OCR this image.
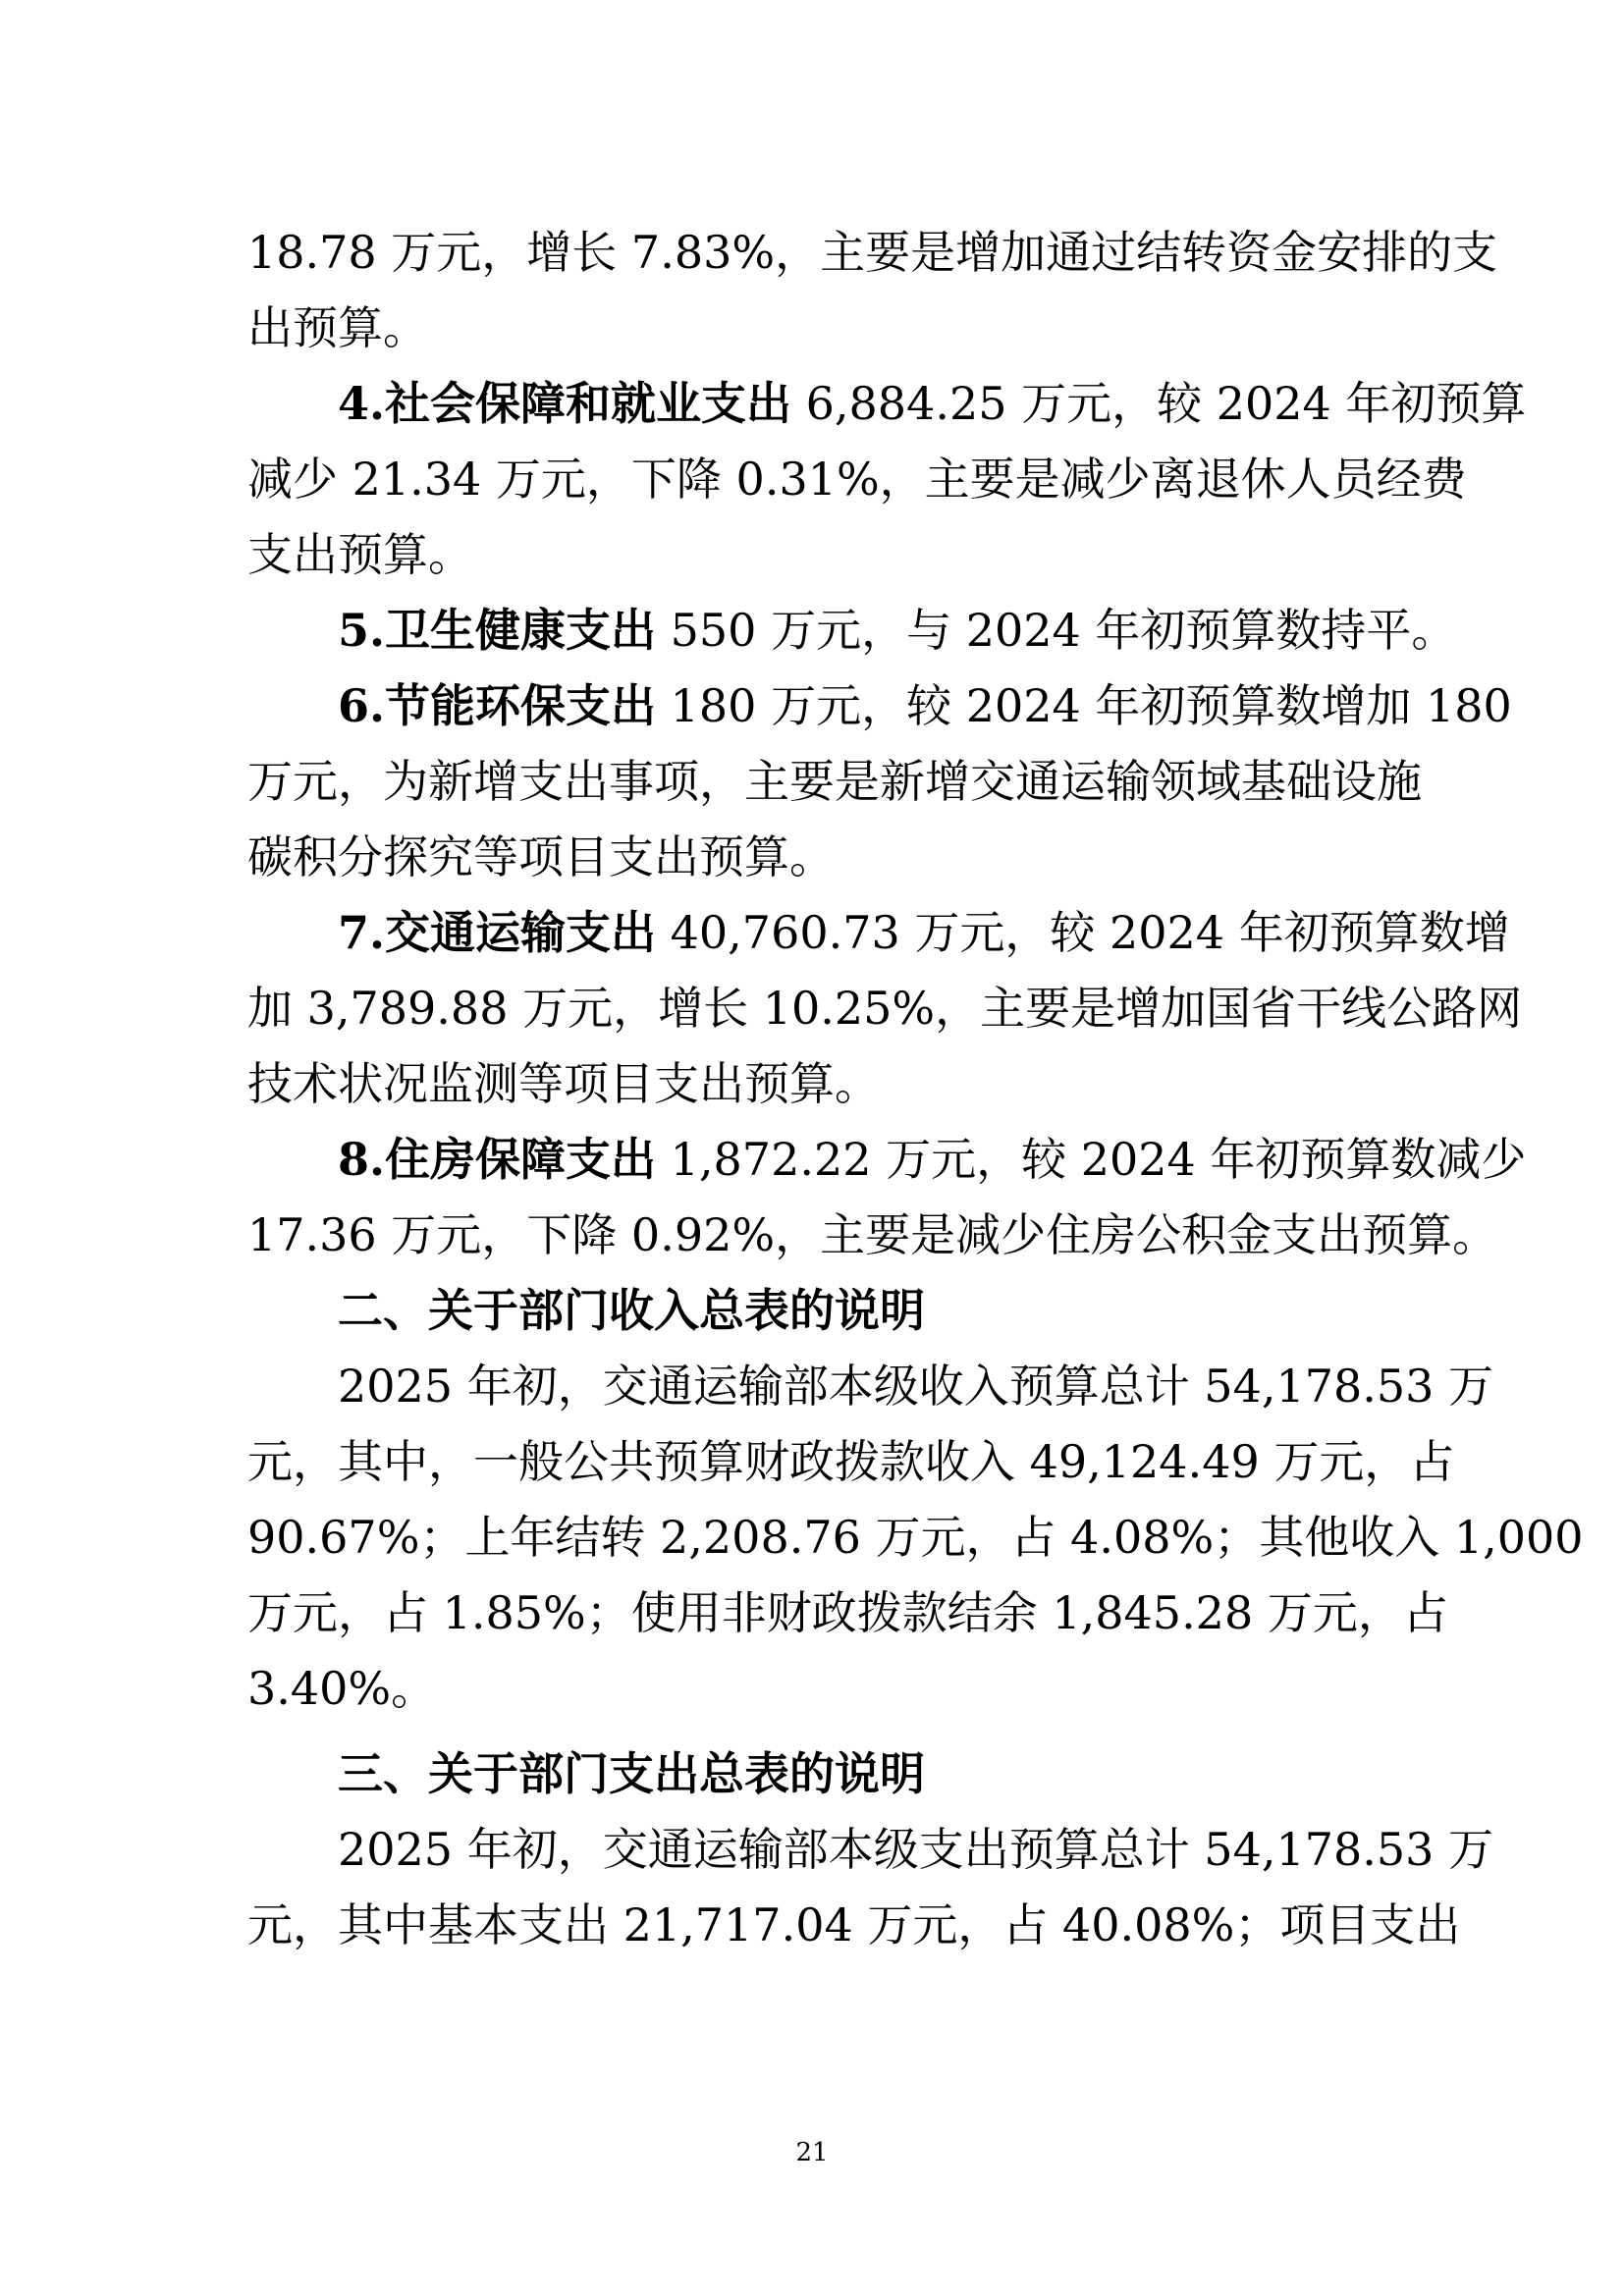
18.78 万元，增长 7.83%，主要是增加通过结转资金安排的支
出预算。
4.社会保障和就业支出 6,884.25 万元，较 2024 年初预算
减少 21.34 万元，下降 0.31%，主要是减少离退休人员经费
支出预算。
5.卫生健康支出 550 万元，与 2024 年初预算数持平。
6.节能环保支出 180 万元，较 2024 年初预算数增加 180
万元，为新增支出事项，主要是新增交通运输领域基础设施
碳积分探究等项目支出预算。
7.交通运输支出 40,760.73 万元，较 2024 年初预算数增
加 3,789.88 万元，增长 10.25%，主要是增加国省干线公路网
技术状况监测等项目支出预算。
8.住房保障支出 1,872.22 万元，较 2024 年初预算数减少
17.36 万元，下降 0.92%，主要是减少住房公积金支出预算。
二、关于部门收入总表的说明
2025 年初，交通运输部本级收入预算总计 54,178.53 万
元，其中，一般公共预算财政拨款收入 49,124.49 万元，占
90.67%；上年结转 2,208.76 万元，占 4.08%；其他收入 1,000
万元，占 1.85%；使用非财政拨款结余 1,845.28 万元，占
3.40%。
三、关于部门支出总表的说明
2025 年初，交通运输部本级支出预算总计 54,178.53 万
元，其中基本支出 21,717.04 万元，占 40.08%；项目支出
21
